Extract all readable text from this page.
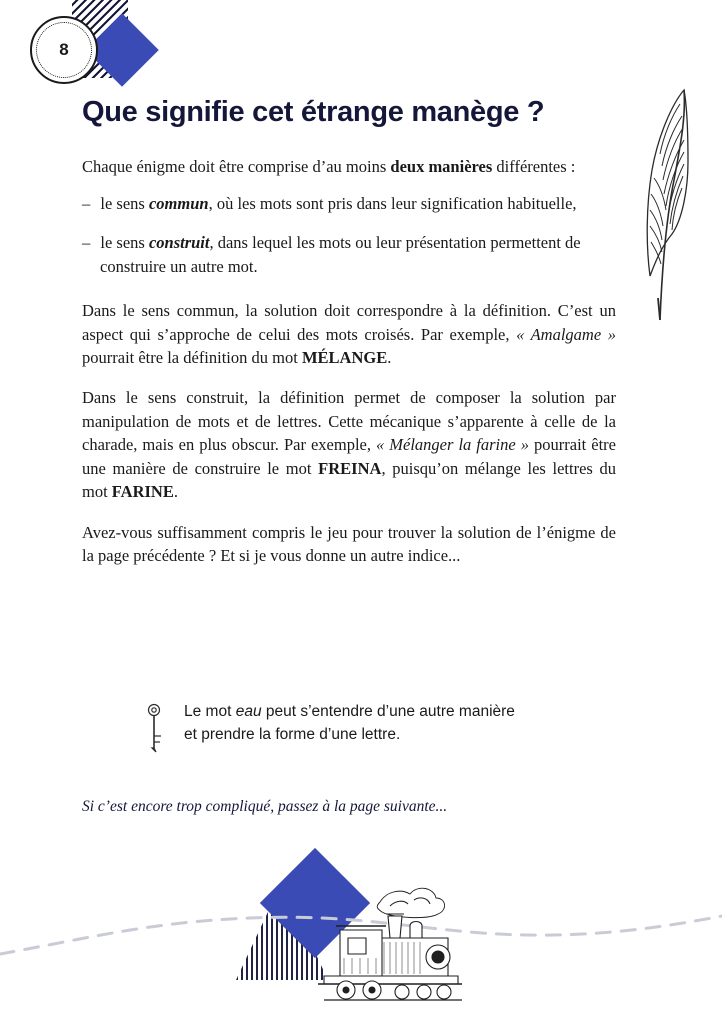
8
Que signifie cet étrange manège ?

Chaque énigme doit être comprise d’au moins deux manières différentes :

– le sens commun, où les mots sont pris dans leur signification habituelle,

– le sens construit, dans lequel les mots ou leur présentation permettent de construire un autre mot.

Dans le sens commun, la solution doit correspondre à la définition. C’est un aspect qui s’approche de celui des mots croisés. Par exemple, « Amalgame » pourrait être la définition du mot MÉLANGE.

Dans le sens construit, la définition permet de composer la solution par manipulation de mots et de lettres. Cette mécanique s’apparente à celle de la charade, mais en plus obscur. Par exemple, « Mélanger la farine » pourrait être une manière de construire le mot FREINA, puisqu’on mélange les lettres du mot FARINE.

Avez-vous suffisamment compris le jeu pour trouver la solution de l’énigme de la page précédente ? Et si je vous donne un autre indice...

Le mot eau peut s’entendre d’une autre manière
et prendre la forme d’une lettre.
Si c’est encore trop compliqué, passez à la page suivante...
